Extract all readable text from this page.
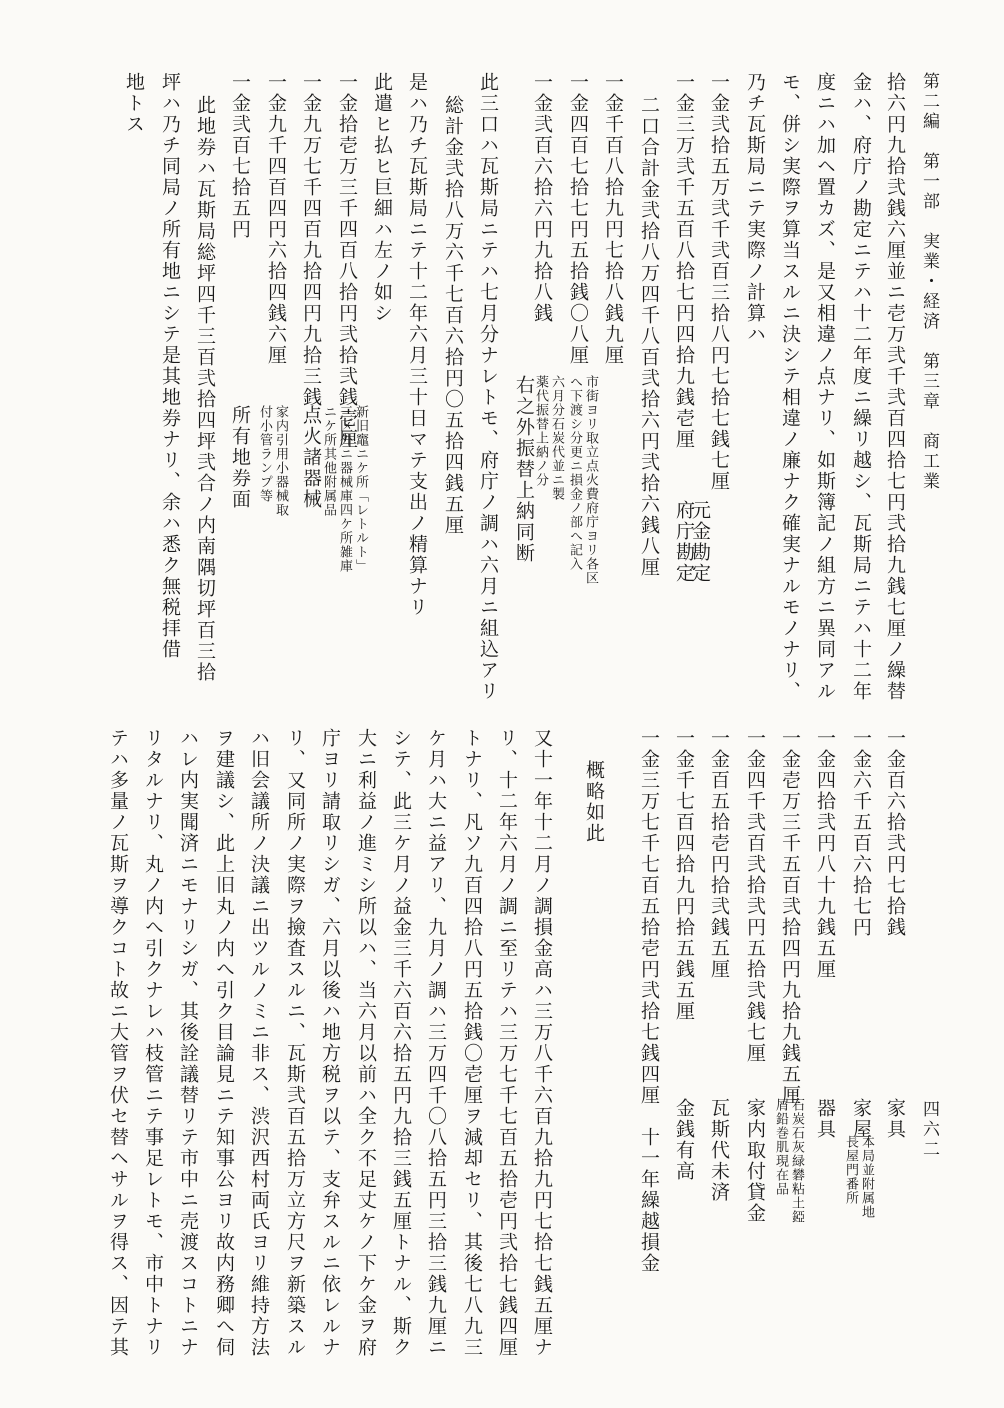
第二編　第一部　実業・経済　第三章　商工業
四六二
拾六円九拾弐銭六厘並ニ壱万弐千弐百四拾七円弐拾九銭七厘ノ繰替
金ハ、府庁ノ勘定ニテハ十二年度ニ繰リ越シ、瓦斯局ニテハ十二年
度ニハ加ヘ置カズ、是又相違ノ点ナリ、如斯簿記ノ組方ニ異同アル
モ、併シ実際ヲ算当スルニ決シテ相違ノ廉ナク確実ナルモノナリ、
乃チ瓦斯局ニテ実際ノ計算ハ
一金弐拾五万弐千弐百三拾八円七拾七銭七厘
元金勘定
一金三万弐千五百八拾七円四拾九銭壱厘
府庁勘定
二口合計金弐拾八万四千八百弐拾六円弐拾六銭八厘
一金千百八拾九円七拾八銭九厘
市街ヨリ取立点火費府庁ヨリ各区
へ下渡シ分更ニ損金ノ部へ記入
一金四百七拾七円五拾銭〇八厘
六月分石炭代並ニ製
薬代振替上納ノ分
一金弐百六拾六円九拾八銭
右之外振替上納同断
此三口ハ瓦斯局ニテハ七月分ナレトモ、府庁ノ調ハ六月ニ組込アリ
総計金弐拾八万六千七百六拾円〇五拾四銭五厘
是ハ乃チ瓦斯局ニテ十二年六月三十日マテ支出ノ精算ナリ
此遣ヒ払ヒ巨細ハ左ノ如シ
一金拾壱万三千四百八拾円弐拾弐銭壱厘
新旧竈ニケ所「レトルト」
三区外ニ器械庫四ケ所雑庫
ニケ所其他附属品
一金九万七千四百九拾四円九拾三銭
点火諸器械
一金九千四百四円六拾四銭六厘
家内引用小器械取
付小管ランプ等
一金弐百七拾五円
所有地券面
此地券ハ瓦斯局総坪四千三百弐拾四坪弐合ノ内南隅切坪百三拾
坪ハ乃チ同局ノ所有地ニシテ是其地券ナリ、余ハ悉ク無税拝借
地トス
一金百六拾弐円七拾銭
家具
一金六千五百六拾七円
家屋
本局並附属地
長屋門番所
一金四拾弐円八十九銭五厘
器具
一金壱万三千五百弐拾四円九拾九銭五厘
石炭石灰緑礬粘土錏
屑鉛巻肌現在品
一金四千弐百弐拾弐円五拾弐銭七厘
家内取付貸金
一金百五拾壱円拾弐銭五厘
瓦斯代未済
一金千七百四拾九円拾五銭五厘
金銭有高
一金三万七千七百五拾壱円弐拾七銭四厘　十一年繰越損金
概略如此
又十一年十二月ノ調損金高ハ三万八千六百九拾九円七拾七銭五厘ナ
リ、十二年六月ノ調ニ至リテハ三万七千七百五拾壱円弐拾七銭四厘
トナリ、凡ソ九百四拾八円五拾銭〇壱厘ヲ減却セリ、其後七八九三
ケ月ハ大ニ益アリ、九月ノ調ハ三万四千〇八拾五円三拾三銭九厘ニ
シテ、此三ケ月ノ益金三千六百六拾五円九拾三銭五厘トナル、斯ク
大ニ利益ノ進ミシ所以ハ、当六月以前ハ全ク不足丈ケノ下ケ金ヲ府
庁ヨリ請取リシガ、六月以後ハ地方税ヲ以テ、支弁スルニ依レルナ
リ、又同所ノ実際ヲ撿査スルニ、瓦斯弐百五拾万立方尺ヲ新築スル
ハ旧会議所ノ決議ニ出ツルノミニ非ス、渋沢西村両氏ヨリ維持方法
ヲ建議シ、此上旧丸ノ内へ引ク目論見ニテ知事公ヨリ故内務卿へ伺
ハレ内実聞済ニモナリシガ、其後詮議替リテ市中ニ売渡スコトニナ
リタルナリ、丸ノ内へ引クナレハ枝管ニテ事足レトモ、市中トナリ
テハ多量ノ瓦斯ヲ導クコト故ニ大管ヲ伏セ替ヘサルヲ得ス、因テ其
